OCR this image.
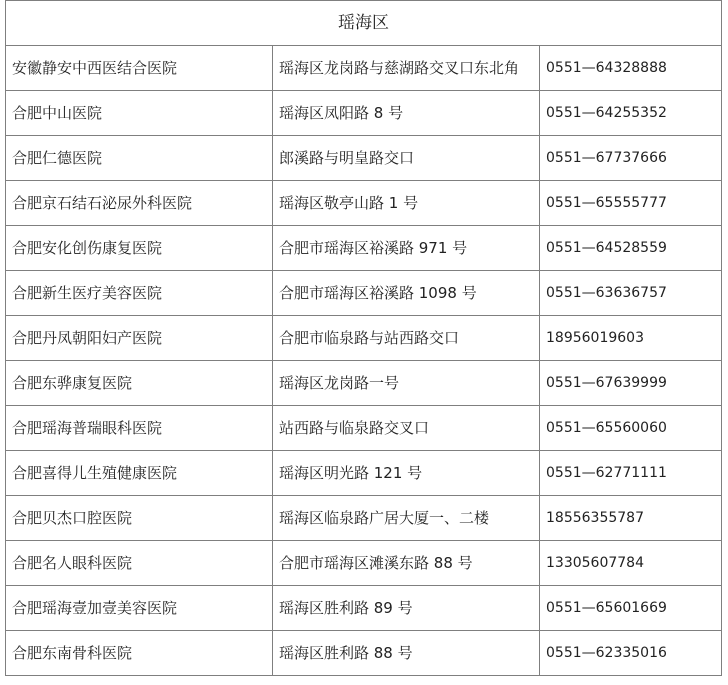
瑶海区		
安徽静安中西医结合医院	瑶海区龙岗路与慈湖路交叉口东北角	0551—64328888
合肥中山医院	瑶海区凤阳路 8 号	0551—64255352
合肥仁德医院	郎溪路与明皇路交口	0551—67737666
合肥京石结石泌尿外科医院	瑶海区敬亭山路 1 号	0551—65555777
合肥安化创伤康复医院	合肥市瑶海区裕溪路 971 号	0551—64528559
合肥新生医疗美容医院	合肥市瑶海区裕溪路 1098 号	0551—63636757
合肥丹凤朝阳妇产医院	合肥市临泉路与站西路交口	18956019603
合肥东骅康复医院	瑶海区龙岗路一号	0551—67639999
合肥瑶海普瑞眼科医院	站西路与临泉路交叉口	0551—65560060
合肥喜得儿生殖健康医院	瑶海区明光路 121 号	0551—62771111
合肥贝杰口腔医院	瑶海区临泉路广居大厦一、二楼	18556355787
合肥名人眼科医院	合肥市瑶海区滩溪东路 88 号	13305607784
合肥瑶海壹加壹美容医院	瑶海区胜利路 89 号	0551—65601669
合肥东南骨科医院	瑶海区胜利路 88 号	0551—62335016
